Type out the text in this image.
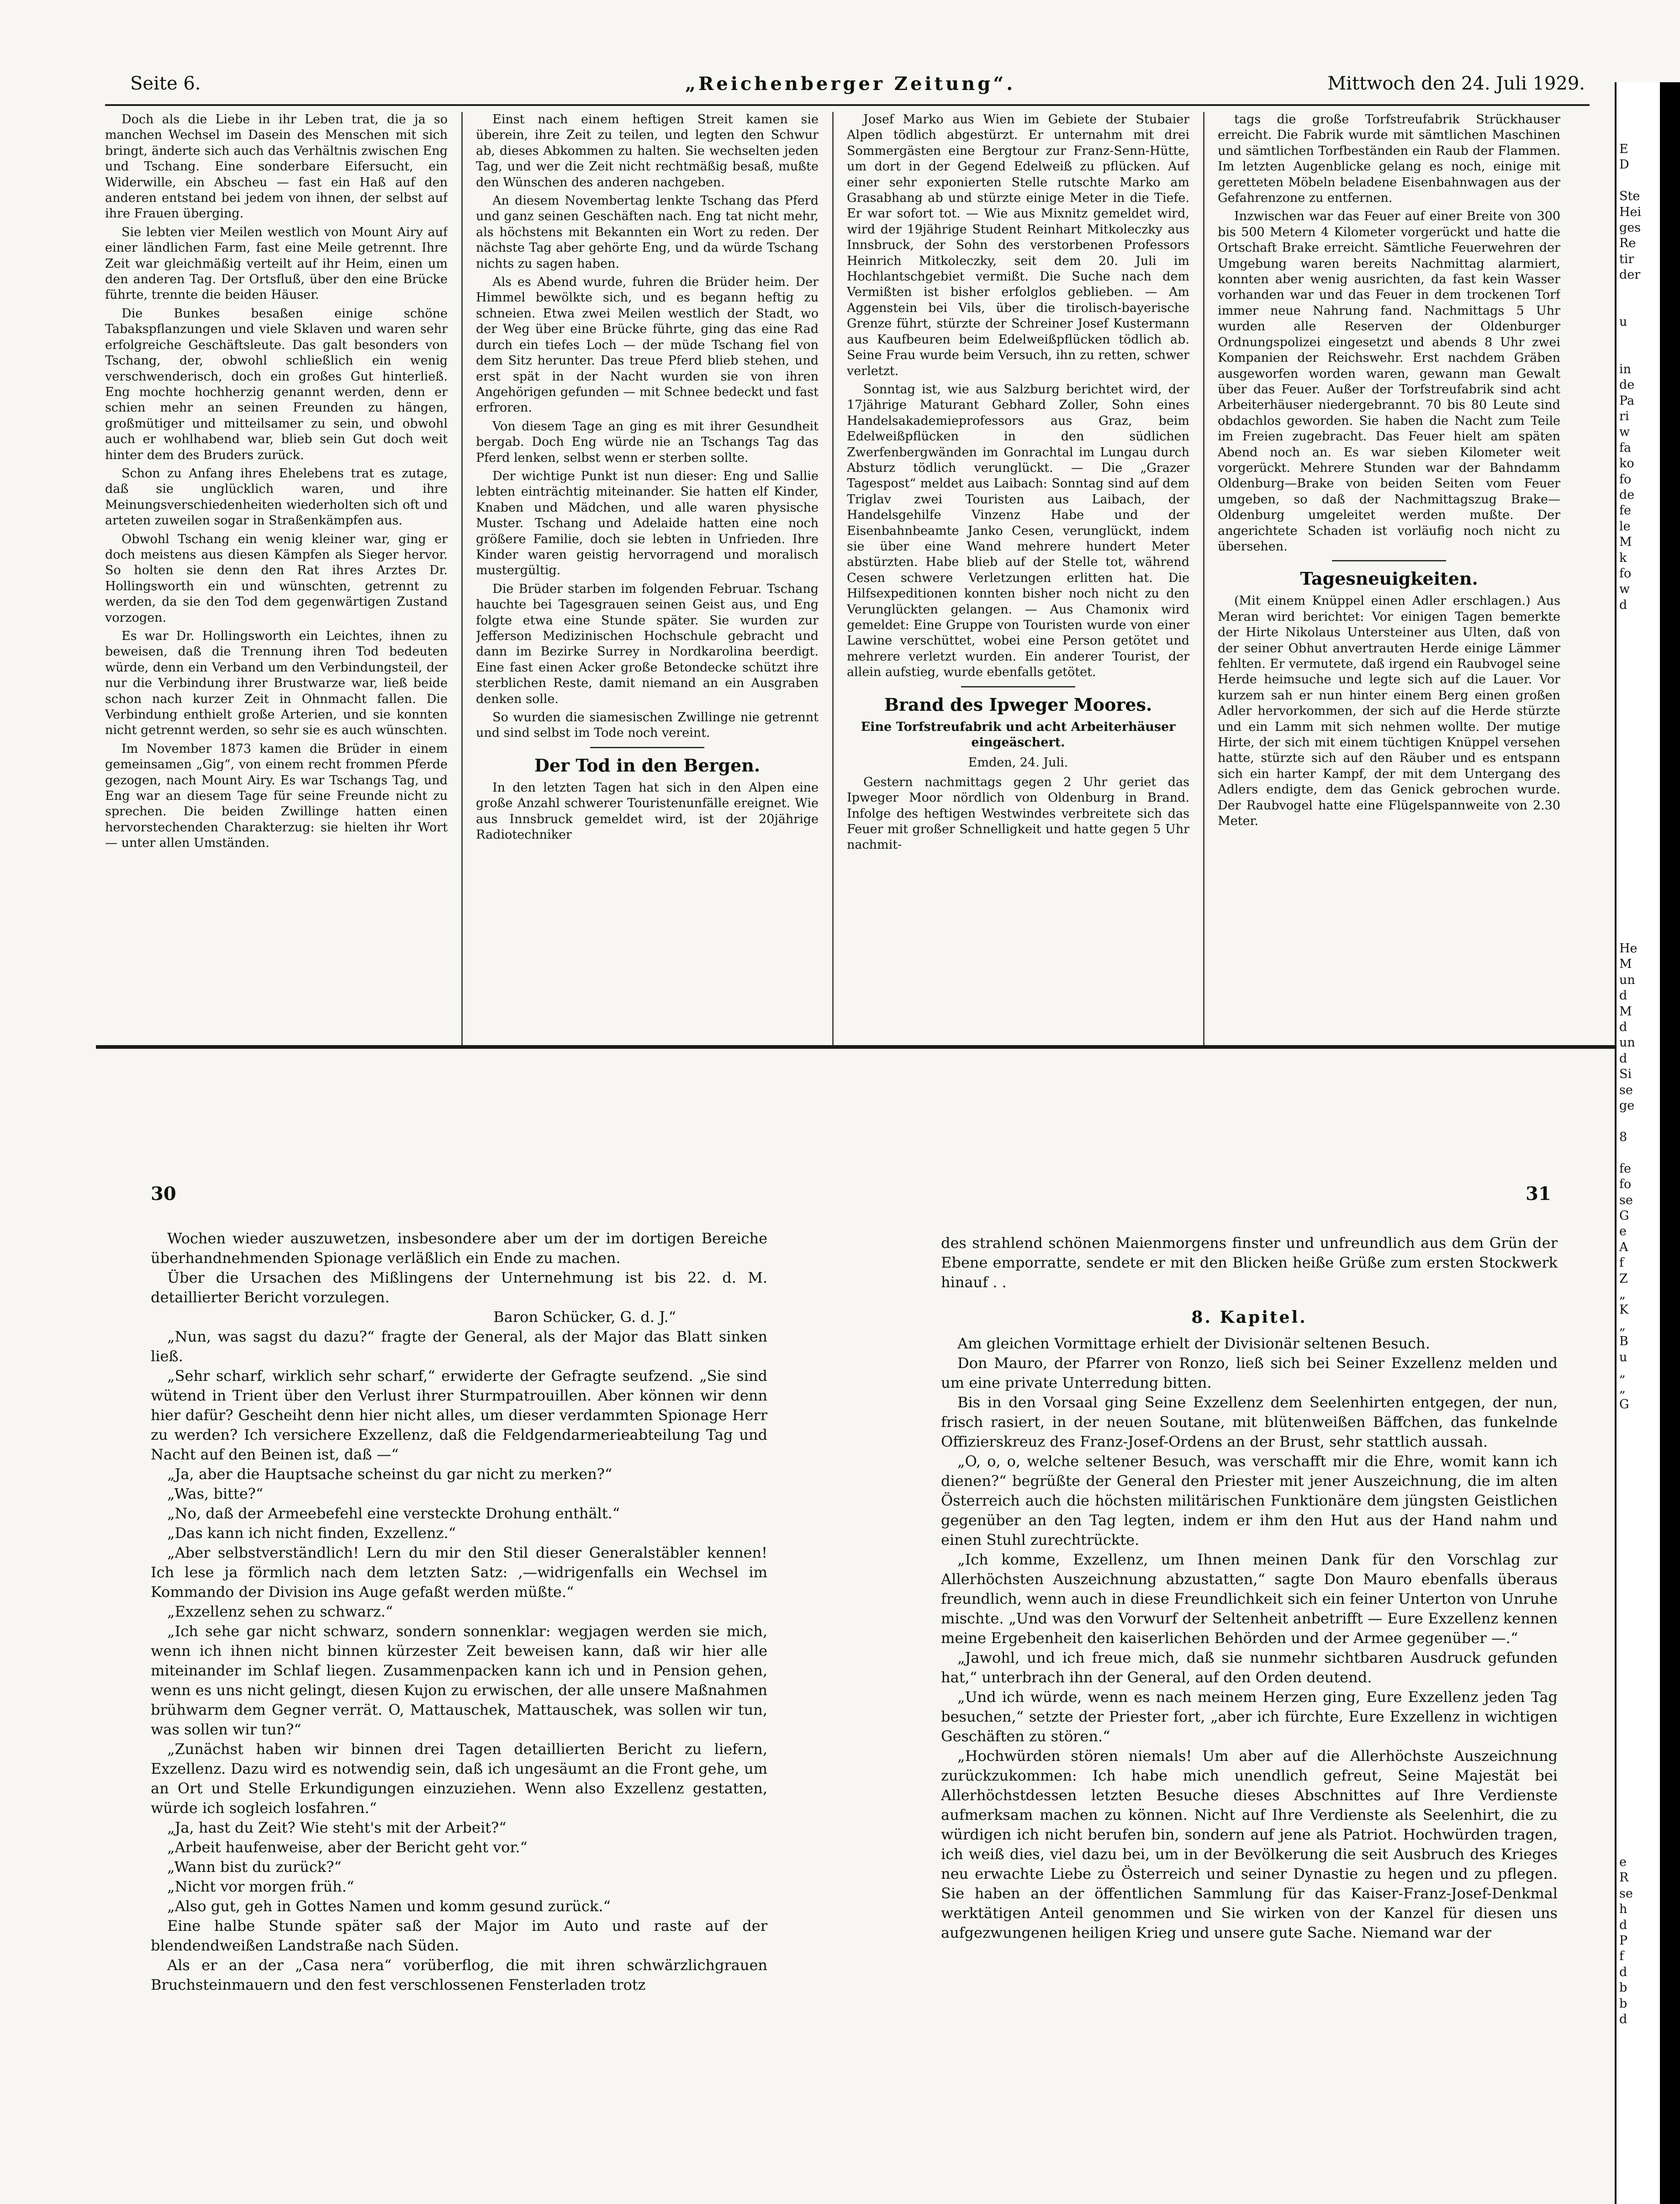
Seite 6.	„Reichenberger Zeitung“.	Mittwoch den 24. Juli 1929.

Doch als die Liebe in ihr Leben trat, die ja so manchen Wechsel im Dasein des Menschen mit sich bringt, änderte sich auch das Verhältnis zwischen Eng und Tschang. Eine sonderbare Eifersucht, ein Widerwille, ein Abscheu — fast ein Haß auf den anderen entstand bei jedem von ihnen, der selbst auf ihre Frauen überging.

Sie lebten vier Meilen westlich von Mount Airy auf einer ländlichen Farm, fast eine Meile getrennt. Ihre Zeit war gleichmäßig verteilt auf ihr Heim, einen um den anderen Tag. Der Ortsfluß, über den eine Brücke führte, trennte die beiden Häuser.

Die Bunkes besaßen einige schöne Tabakspflanzungen und viele Sklaven und waren sehr erfolgreiche Geschäftsleute. Das galt besonders von Tschang, der, obwohl schließlich ein wenig verschwenderisch, doch ein großes Gut hinterließ. Eng mochte hochherzig genannt werden, denn er schien mehr an seinen Freunden zu hängen, großmütiger und mitteilsamer zu sein, und obwohl auch er wohlhabend war, blieb sein Gut doch weit hinter dem des Bruders zurück.

Schon zu Anfang ihres Ehelebens trat es zutage, daß sie unglücklich waren, und ihre Meinungsverschiedenheiten wiederholten sich oft und arteten zuweilen sogar in Straßenkämpfen aus.

Obwohl Tschang ein wenig kleiner war, ging er doch meistens aus diesen Kämpfen als Sieger hervor. So holten sie denn den Rat ihres Arztes Dr. Hollingsworth ein und wünschten, getrennt zu werden, da sie den Tod dem gegenwärtigen Zustand vorzogen.

Es war Dr. Hollingsworth ein Leichtes, ihnen zu beweisen, daß die Trennung ihren Tod bedeuten würde, denn ein Verband um den Verbindungsteil, der nur die Verbindung ihrer Brustwarze war, ließ beide schon nach kurzer Zeit in Ohnmacht fallen. Die Verbindung enthielt große Arterien, und sie konnten nicht getrennt werden, so sehr sie es auch wünschten.

Im November 1873 kamen die Brüder in einem gemeinsamen „Gig“, von einem recht frommen Pferde gezogen, nach Mount Airy. Es war Tschangs Tag, und Eng war an diesem Tage für seine Freunde nicht zu sprechen. Die beiden Zwillinge hatten einen hervorstechenden Charakterzug: sie hielten ihr Wort — unter allen Umständen.

Einst nach einem heftigen Streit kamen sie überein, ihre Zeit zu teilen, und legten den Schwur ab, dieses Abkommen zu halten. Sie wechselten jeden Tag, und wer die Zeit nicht rechtmäßig besaß, mußte den Wünschen des anderen nachgeben.

An diesem Novembertag lenkte Tschang das Pferd und ganz seinen Geschäften nach. Eng tat nicht mehr, als höchstens mit Bekannten ein Wort zu reden. Der nächste Tag aber gehörte Eng, und da würde Tschang nichts zu sagen haben.

Als es Abend wurde, fuhren die Brüder heim. Der Himmel bewölkte sich, und es begann heftig zu schneien. Etwa zwei Meilen westlich der Stadt, wo der Weg über eine Brücke führte, ging das eine Rad durch ein tiefes Loch — der müde Tschang fiel von dem Sitz herunter. Das treue Pferd blieb stehen, und erst spät in der Nacht wurden sie von ihren Angehörigen gefunden — mit Schnee bedeckt und fast erfroren.

Von diesem Tage an ging es mit ihrer Gesundheit bergab. Doch Eng würde nie an Tschangs Tag das Pferd lenken, selbst wenn er sterben sollte.

Der wichtige Punkt ist nun dieser: Eng und Sallie lebten einträchtig miteinander. Sie hatten elf Kinder, Knaben und Mädchen, und alle waren physische Muster. Tschang und Adelaide hatten eine noch größere Familie, doch sie lebten in Unfrieden. Ihre Kinder waren geistig hervorragend und moralisch mustergültig.

Die Brüder starben im folgenden Februar. Tschang hauchte bei Tagesgrauen seinen Geist aus, und Eng folgte etwa eine Stunde später. Sie wurden zur Jefferson Medizinischen Hochschule gebracht und dann im Bezirke Surrey in Nordkarolina beerdigt. Eine fast einen Acker große Betondecke schützt ihre sterblichen Reste, damit niemand an ein Ausgraben denken solle.

So wurden die siamesischen Zwillinge nie getrennt und sind selbst im Tode noch vereint.

Der Tod in den Bergen.

In den letzten Tagen hat sich in den Alpen eine große Anzahl schwerer Touristenunfälle ereignet. Wie aus Innsbruck gemeldet wird, ist der 20jährige Radiotechniker

Josef Marko aus Wien im Gebiete der Stubaier Alpen tödlich abgestürzt. Er unternahm mit drei Sommergästen eine Bergtour zur Franz-Senn-Hütte, um dort in der Gegend Edelweiß zu pflücken. Auf einer sehr exponierten Stelle rutschte Marko am Grasabhang ab und stürzte einige Meter in die Tiefe. Er war sofort tot. — Wie aus Mixnitz gemeldet wird, wird der 19jährige Student Reinhart Mitkoleczky aus Innsbruck, der Sohn des verstorbenen Professors Heinrich Mitkoleczky, seit dem 20. Juli im Hochlantschgebiet vermißt. Die Suche nach dem Vermißten ist bisher erfolglos geblieben. — Am Aggenstein bei Vils, über die tirolisch-bayerische Grenze führt, stürzte der Schreiner Josef Kustermann aus Kaufbeuren beim Edelweißpflücken tödlich ab. Seine Frau wurde beim Versuch, ihn zu retten, schwer verletzt.

Sonntag ist, wie aus Salzburg berichtet wird, der 17jährige Maturant Gebhard Zoller, Sohn eines Handelsakademieprofessors aus Graz, beim Edelweißpflücken in den südlichen Zwerfenbergwänden im Gonrachtal im Lungau durch Absturz tödlich verunglückt. — Die „Grazer Tagespost“ meldet aus Laibach: Sonntag sind auf dem Triglav zwei Touristen aus Laibach, der Handelsgehilfe Vinzenz Habe und der Eisenbahnbeamte Janko Cesen, verunglückt, indem sie über eine Wand mehrere hundert Meter abstürzten. Habe blieb auf der Stelle tot, während Cesen schwere Verletzungen erlitten hat. Die Hilfsexpeditionen konnten bisher noch nicht zu den Verunglückten gelangen. — Aus Chamonix wird gemeldet: Eine Gruppe von Touristen wurde von einer Lawine verschüttet, wobei eine Person getötet und mehrere verletzt wurden. Ein anderer Tourist, der allein aufstieg, wurde ebenfalls getötet.

Brand des Ipweger Moores.
Eine Torfstreufabrik und acht Arbeiterhäuser eingeäschert.
Emden, 24. Juli.

Gestern nachmittags gegen 2 Uhr geriet das Ipweger Moor nördlich von Oldenburg in Brand. Infolge des heftigen Westwindes verbreitete sich das Feuer mit großer Schnelligkeit und hatte gegen 5 Uhr nachmit-

tags die große Torfstreufabrik Strückhauser erreicht. Die Fabrik wurde mit sämtlichen Maschinen und sämtlichen Torfbeständen ein Raub der Flammen. Im letzten Augenblicke gelang es noch, einige mit geretteten Möbeln beladene Eisenbahnwagen aus der Gefahrenzone zu entfernen.

Inzwischen war das Feuer auf einer Breite von 300 bis 500 Metern 4 Kilometer vorgerückt und hatte die Ortschaft Brake erreicht. Sämtliche Feuerwehren der Umgebung waren bereits Nachmittag alarmiert, konnten aber wenig ausrichten, da fast kein Wasser vorhanden war und das Feuer in dem trockenen Torf immer neue Nahrung fand. Nachmittags 5 Uhr wurden alle Reserven der Oldenburger Ordnungspolizei eingesetzt und abends 8 Uhr zwei Kompanien der Reichswehr. Erst nachdem Gräben ausgeworfen worden waren, gewann man Gewalt über das Feuer. Außer der Torfstreufabrik sind acht Arbeiterhäuser niedergebrannt. 70 bis 80 Leute sind obdachlos geworden. Sie haben die Nacht zum Teile im Freien zugebracht. Das Feuer hielt am späten Abend noch an. Es war sieben Kilometer weit vorgerückt. Mehrere Stunden war der Bahndamm Oldenburg—Brake von beiden Seiten vom Feuer umgeben, so daß der Nachmittagszug Brake—Oldenburg umgeleitet werden mußte. Der angerichtete Schaden ist vorläufig noch nicht zu übersehen.

Tagesneuigkeiten.

(Mit einem Knüppel einen Adler erschlagen.) Aus Meran wird berichtet: Vor einigen Tagen bemerkte der Hirte Nikolaus Untersteiner aus Ulten, daß von der seiner Obhut anvertrauten Herde einige Lämmer fehlten. Er vermutete, daß irgend ein Raubvogel seine Herde heimsuche und legte sich auf die Lauer. Vor kurzem sah er nun hinter einem Berg einen großen Adler hervorkommen, der sich auf die Herde stürzte und ein Lamm mit sich nehmen wollte. Der mutige Hirte, der sich mit einem tüchtigen Knüppel versehen hatte, stürzte sich auf den Räuber und es entspann sich ein harter Kampf, der mit dem Untergang des Adlers endigte, dem das Genick gebrochen wurde. Der Raubvogel hatte eine Flügelspannweite von 2.30 Meter.

E
D

Ste
Hei
ges
Re
tir
der

u

in
de
Pa
ri
w
fa
ko
fo
de
fe
le
M
k
fo
w
d
He
M
un
d
M
d
un
d
Si
se
ge

8

fe
fo
se
G
e
A
f
Z
„
K
„
B
u
„
„
G
e
R
se
h
d
P
f
d
b
b
d
30	31

Wochen wieder auszuwetzen, insbesondere aber um der im dortigen Bereiche überhandnehmenden Spionage verläßlich ein Ende zu machen.

Über die Ursachen des Mißlingens der Unternehmung ist bis 22. d. M. detaillierter Bericht vorzulegen.

Baron Schücker, G. d. J.“

„Nun, was sagst du dazu?“ fragte der General, als der Major das Blatt sinken ließ.

„Sehr scharf, wirklich sehr scharf,“ erwiderte der Gefragte seufzend. „Sie sind wütend in Trient über den Verlust ihrer Sturmpatrouillen. Aber können wir denn hier dafür? Gescheiht denn hier nicht alles, um dieser verdammten Spionage Herr zu werden? Ich versichere Exzellenz, daß die Feldgendarmerieabteilung Tag und Nacht auf den Beinen ist, daß —“

„Ja, aber die Hauptsache scheinst du gar nicht zu merken?“

„Was, bitte?“

„No, daß der Armeebefehl eine versteckte Drohung enthält.“

„Das kann ich nicht finden, Exzellenz.“

„Aber selbstverständlich! Lern du mir den Stil dieser Generalstäbler kennen! Ich lese ja förmlich nach dem letzten Satz: ‚—widrigenfalls ein Wechsel im Kommando der Division ins Auge gefaßt werden müßte.“

„Exzellenz sehen zu schwarz.“

„Ich sehe gar nicht schwarz, sondern sonnenklar: wegjagen werden sie mich, wenn ich ihnen nicht binnen kürzester Zeit beweisen kann, daß wir hier alle miteinander im Schlaf liegen. Zusammenpacken kann ich und in Pension gehen, wenn es uns nicht gelingt, diesen Kujon zu erwischen, der alle unsere Maßnahmen brühwarm dem Gegner verrät. O, Mattauschek, Mattauschek, was sollen wir tun, was sollen wir tun?“

„Zunächst haben wir binnen drei Tagen detaillierten Bericht zu liefern, Exzellenz. Dazu wird es notwendig sein, daß ich ungesäumt an die Front gehe, um an Ort und Stelle Erkundigungen einzuziehen. Wenn also Exzellenz gestatten, würde ich sogleich losfahren.“

„Ja, hast du Zeit? Wie steht's mit der Arbeit?“

„Arbeit haufenweise, aber der Bericht geht vor.“

„Wann bist du zurück?“

„Nicht vor morgen früh.“

„Also gut, geh in Gottes Namen und komm gesund zurück.“

Eine halbe Stunde später saß der Major im Auto und raste auf der blendendweißen Landstraße nach Süden.

Als er an der „Casa nera“ vorüberflog, die mit ihren schwärzlichgrauen Bruchsteinmauern und den fest verschlossenen Fensterladen trotz

des strahlend schönen Maienmorgens finster und unfreundlich aus dem Grün der Ebene emporratte, sendete er mit den Blicken heiße Grüße zum ersten Stockwerk hinauf . .

8. Kapitel.

Am gleichen Vormittage erhielt der Divisionär seltenen Besuch.

Don Mauro, der Pfarrer von Ronzo, ließ sich bei Seiner Exzellenz melden und um eine private Unterredung bitten.

Bis in den Vorsaal ging Seine Exzellenz dem Seelenhirten entgegen, der nun, frisch rasiert, in der neuen Soutane, mit blütenweißen Bäffchen, das funkelnde Offizierskreuz des Franz-Josef-Ordens an der Brust, sehr stattlich aussah.

„O, o, o, welche seltener Besuch, was verschafft mir die Ehre, womit kann ich dienen?“ begrüßte der General den Priester mit jener Auszeichnung, die im alten Österreich auch die höchsten militärischen Funktionäre dem jüngsten Geistlichen gegenüber an den Tag legten, indem er ihm den Hut aus der Hand nahm und einen Stuhl zurechtrückte.

„Ich komme, Exzellenz, um Ihnen meinen Dank für den Vorschlag zur Allerhöchsten Auszeichnung abzustatten,“ sagte Don Mauro ebenfalls überaus freundlich, wenn auch in diese Freundlichkeit sich ein feiner Unterton von Unruhe mischte. „Und was den Vorwurf der Seltenheit anbetrifft — Eure Exzellenz kennen meine Ergebenheit den kaiserlichen Behörden und der Armee gegenüber —.“

„Jawohl, und ich freue mich, daß sie nunmehr sichtbaren Ausdruck gefunden hat,“ unterbrach ihn der General, auf den Orden deutend.

„Und ich würde, wenn es nach meinem Herzen ging, Eure Exzellenz jeden Tag besuchen,“ setzte der Priester fort, „aber ich fürchte, Eure Exzellenz in wichtigen Geschäften zu stören.“

„Hochwürden stören niemals! Um aber auf die Allerhöchste Auszeichnung zurückzukommen: Ich habe mich unendlich gefreut, Seine Majestät bei Allerhöchstdessen letzten Besuche dieses Abschnittes auf Ihre Verdienste aufmerksam machen zu können. Nicht auf Ihre Verdienste als Seelenhirt, die zu würdigen ich nicht berufen bin, sondern auf jene als Patriot. Hochwürden tragen, ich weiß dies, viel dazu bei, um in der Bevölkerung die seit Ausbruch des Krieges neu erwachte Liebe zu Österreich und seiner Dynastie zu hegen und zu pflegen. Sie haben an der öffentlichen Sammlung für das Kaiser-Franz-Josef-Denkmal werktätigen Anteil genommen und Sie wirken von der Kanzel für diesen uns aufgezwungenen heiligen Krieg und unsere gute Sache. Niemand war der
